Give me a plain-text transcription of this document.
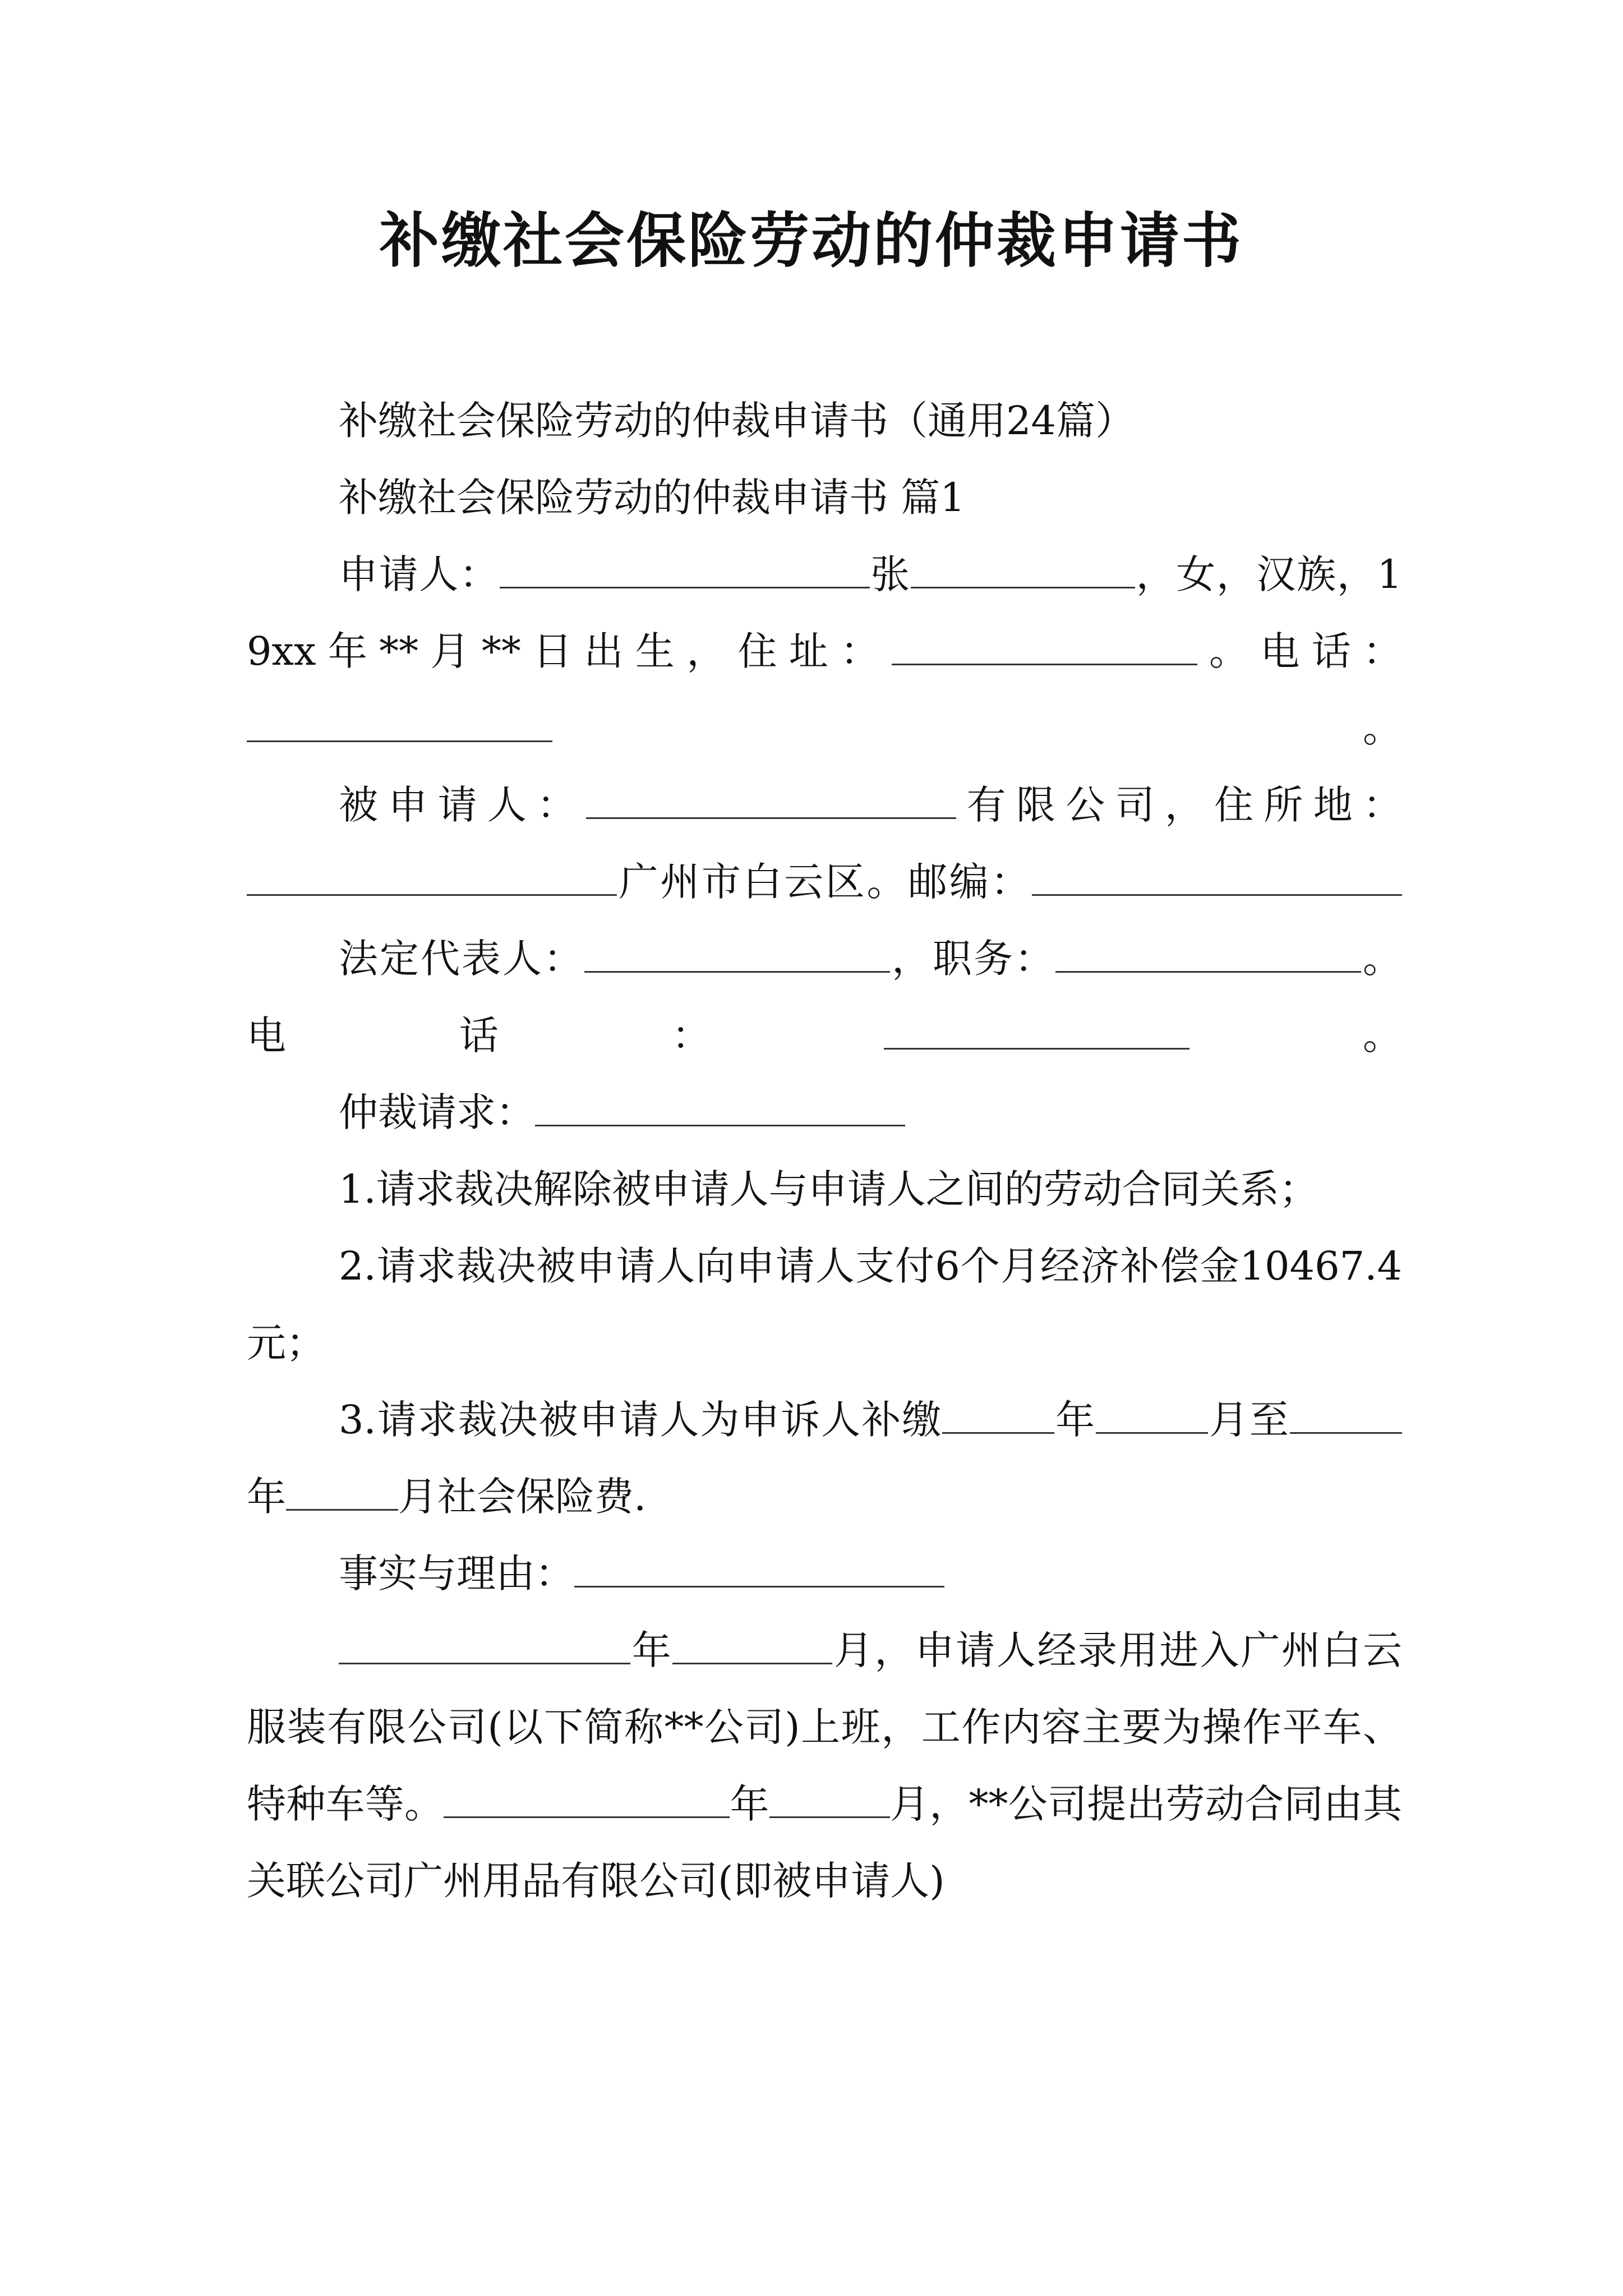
补缴社会保险劳动的仲裁申请书
补缴社会保险劳动的仲裁申请书（通用24篇）
补缴社会保险劳动的仲裁申请书 篇1
申请人：	张	，女，汉族，19xx年**月**日出生，住址：	。电话：。
被申请人：	有限公司，住所地：广州市白云区。邮编：
法定代表人：	，职务：	。电话：	。
仲裁请求：
1.请求裁决解除被申请人与申请人之间的劳动合同关系；
2.请求裁决被申请人向申请人支付6个月经济补偿金10467.4元；
3.请求裁决被申请人为申诉人补缴	年	月至年	月社会保险费.
事实与理由：
年	月，申请人经录用进入广州白云服装有限公司(以下简称**公司)上班，工作内容主要为操作平车、特种车等。	年	月，**公司提出劳动合同由其关联公司广州用品有限公司(即被申请人)
